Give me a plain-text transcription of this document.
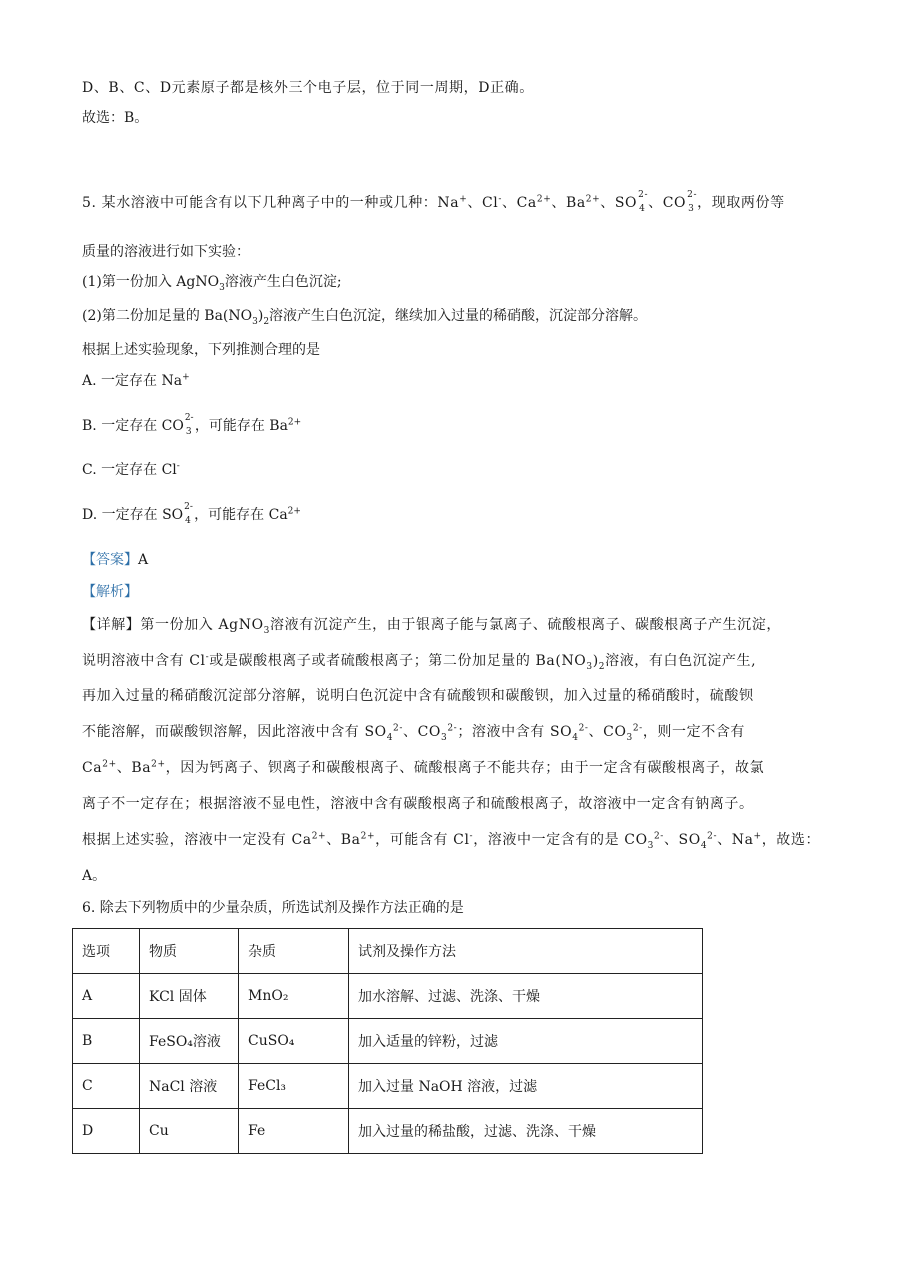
D、B、C、D元素原子都是核外三个电子层，位于同一周期，D正确。
故选：B。
5. 某水溶液中可能含有以下几种离子中的一种或几种：Na+、Cl-、$Ca^{2+}$、$Ba^{2+}$、SO 2-
4 、CO 2-
3 ，现取两份等
质量的溶液进行如下实验：
(1)第一份加入 AgNO$_3$溶液产生白色沉淀;
(2)第二份加足量的 $Ba(NO_3)_2$溶液产生白色沉淀，继续加入过量的稀硝酸，沉淀部分溶解。
根据上述实验现象，下列推测合理的是
A. 一定存在 Na+
B. 一定存在 CO 2-
3 ，可能存在 $Ba^{2+}$
C. 一定存在 Cl-
D. 一定存在 SO 2-
4 ，可能存在 $Ca^{2+}$
【答案】A
【解析】
【详解】第一份加入 AgNO$_3$溶液有沉淀产生，由于银离子能与氯离子、硫酸根离子、碳酸根离子产生沉淀，
说明溶液中含有 Cl-或是碳酸根离子或者硫酸根离子；第二份加足量的 $Ba(NO_3)_2$溶液，有白色沉淀产生,
再加入过量的稀硝酸沉淀部分溶解，说明白色沉淀中含有硫酸钡和碳酸钡，加入过量的稀硝酸时，硫酸钡
不能溶解，而碳酸钡溶解，因此溶液中含有 $SO_4^{2-}$、$CO_3^{2-}$；溶液中含有 $SO_4^{2-}$、$CO_3^{2-}$，则一定不含有
$Ca^{2+}$、$Ba^{2+}$，因为钙离子、钡离子和碳酸根离子、硫酸根离子不能共存；由于一定含有碳酸根离子，故氯
离子不一定存在；根据溶液不显电性，溶液中含有碳酸根离子和硫酸根离子，故溶液中一定含有钠离子。
根据上述实验，溶液中一定没有 $Ca^{2+}$、$Ba^{2+}$，可能含有 Cl-，溶液中一定含有的是 $CO_3^{2-}$、$SO_4^{2-}$、Na+，故选：
A。
6. 除去下列物质中的少量杂质，所选试剂及操作方法正确的是
选项	物质	杂质	试剂及操作方法
A	KCl 固体	MnO₂	加水溶解、过滤、洗涤、干燥
B	FeSO₄溶液	CuSO₄	加入适量的锌粉，过滤
C	NaCl 溶液	FeCl₃	加入过量 NaOH 溶液，过滤
D	Cu	Fe	加入过量的稀盐酸，过滤、洗涤、干燥
